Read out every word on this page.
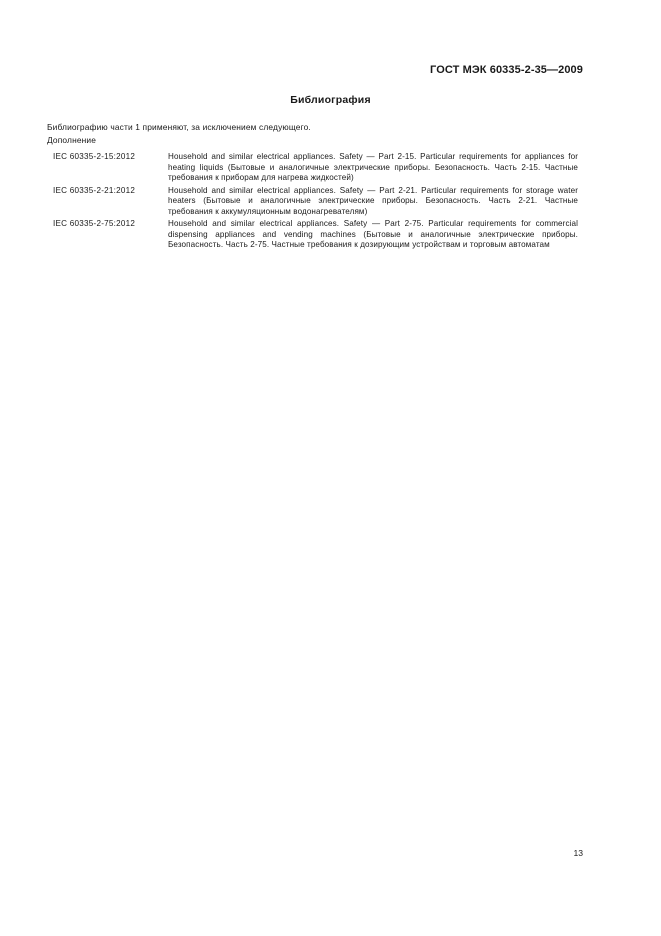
ГОСТ МЭК 60335-2-35—2009
Библиография
Библиографию части 1 применяют, за исключением следующего.
Дополнение
IEC 60335-2-15:2012	Household and similar electrical appliances. Safety — Part 2-15. Particular requirements for appliances for heating liquids (Бытовые и аналогичные электрические приборы. Безопасность. Часть 2-15. Частные требования к приборам для нагрева жидкостей)
IEC 60335-2-21:2012	Household and similar electrical appliances. Safety — Part 2-21. Particular requirements for storage water heaters (Бытовые и аналогичные электрические приборы. Безопасность. Часть 2-21. Частные требования к аккумуляционным водонагревателям)
IEC 60335-2-75:2012	Household and similar electrical appliances. Safety — Part 2-75. Particular requirements for commercial dispensing appliances and vending machines (Бытовые и аналогичные электрические приборы. Безопасность. Часть 2-75. Частные требования к дозирующим устройствам и торговым автоматам
13
